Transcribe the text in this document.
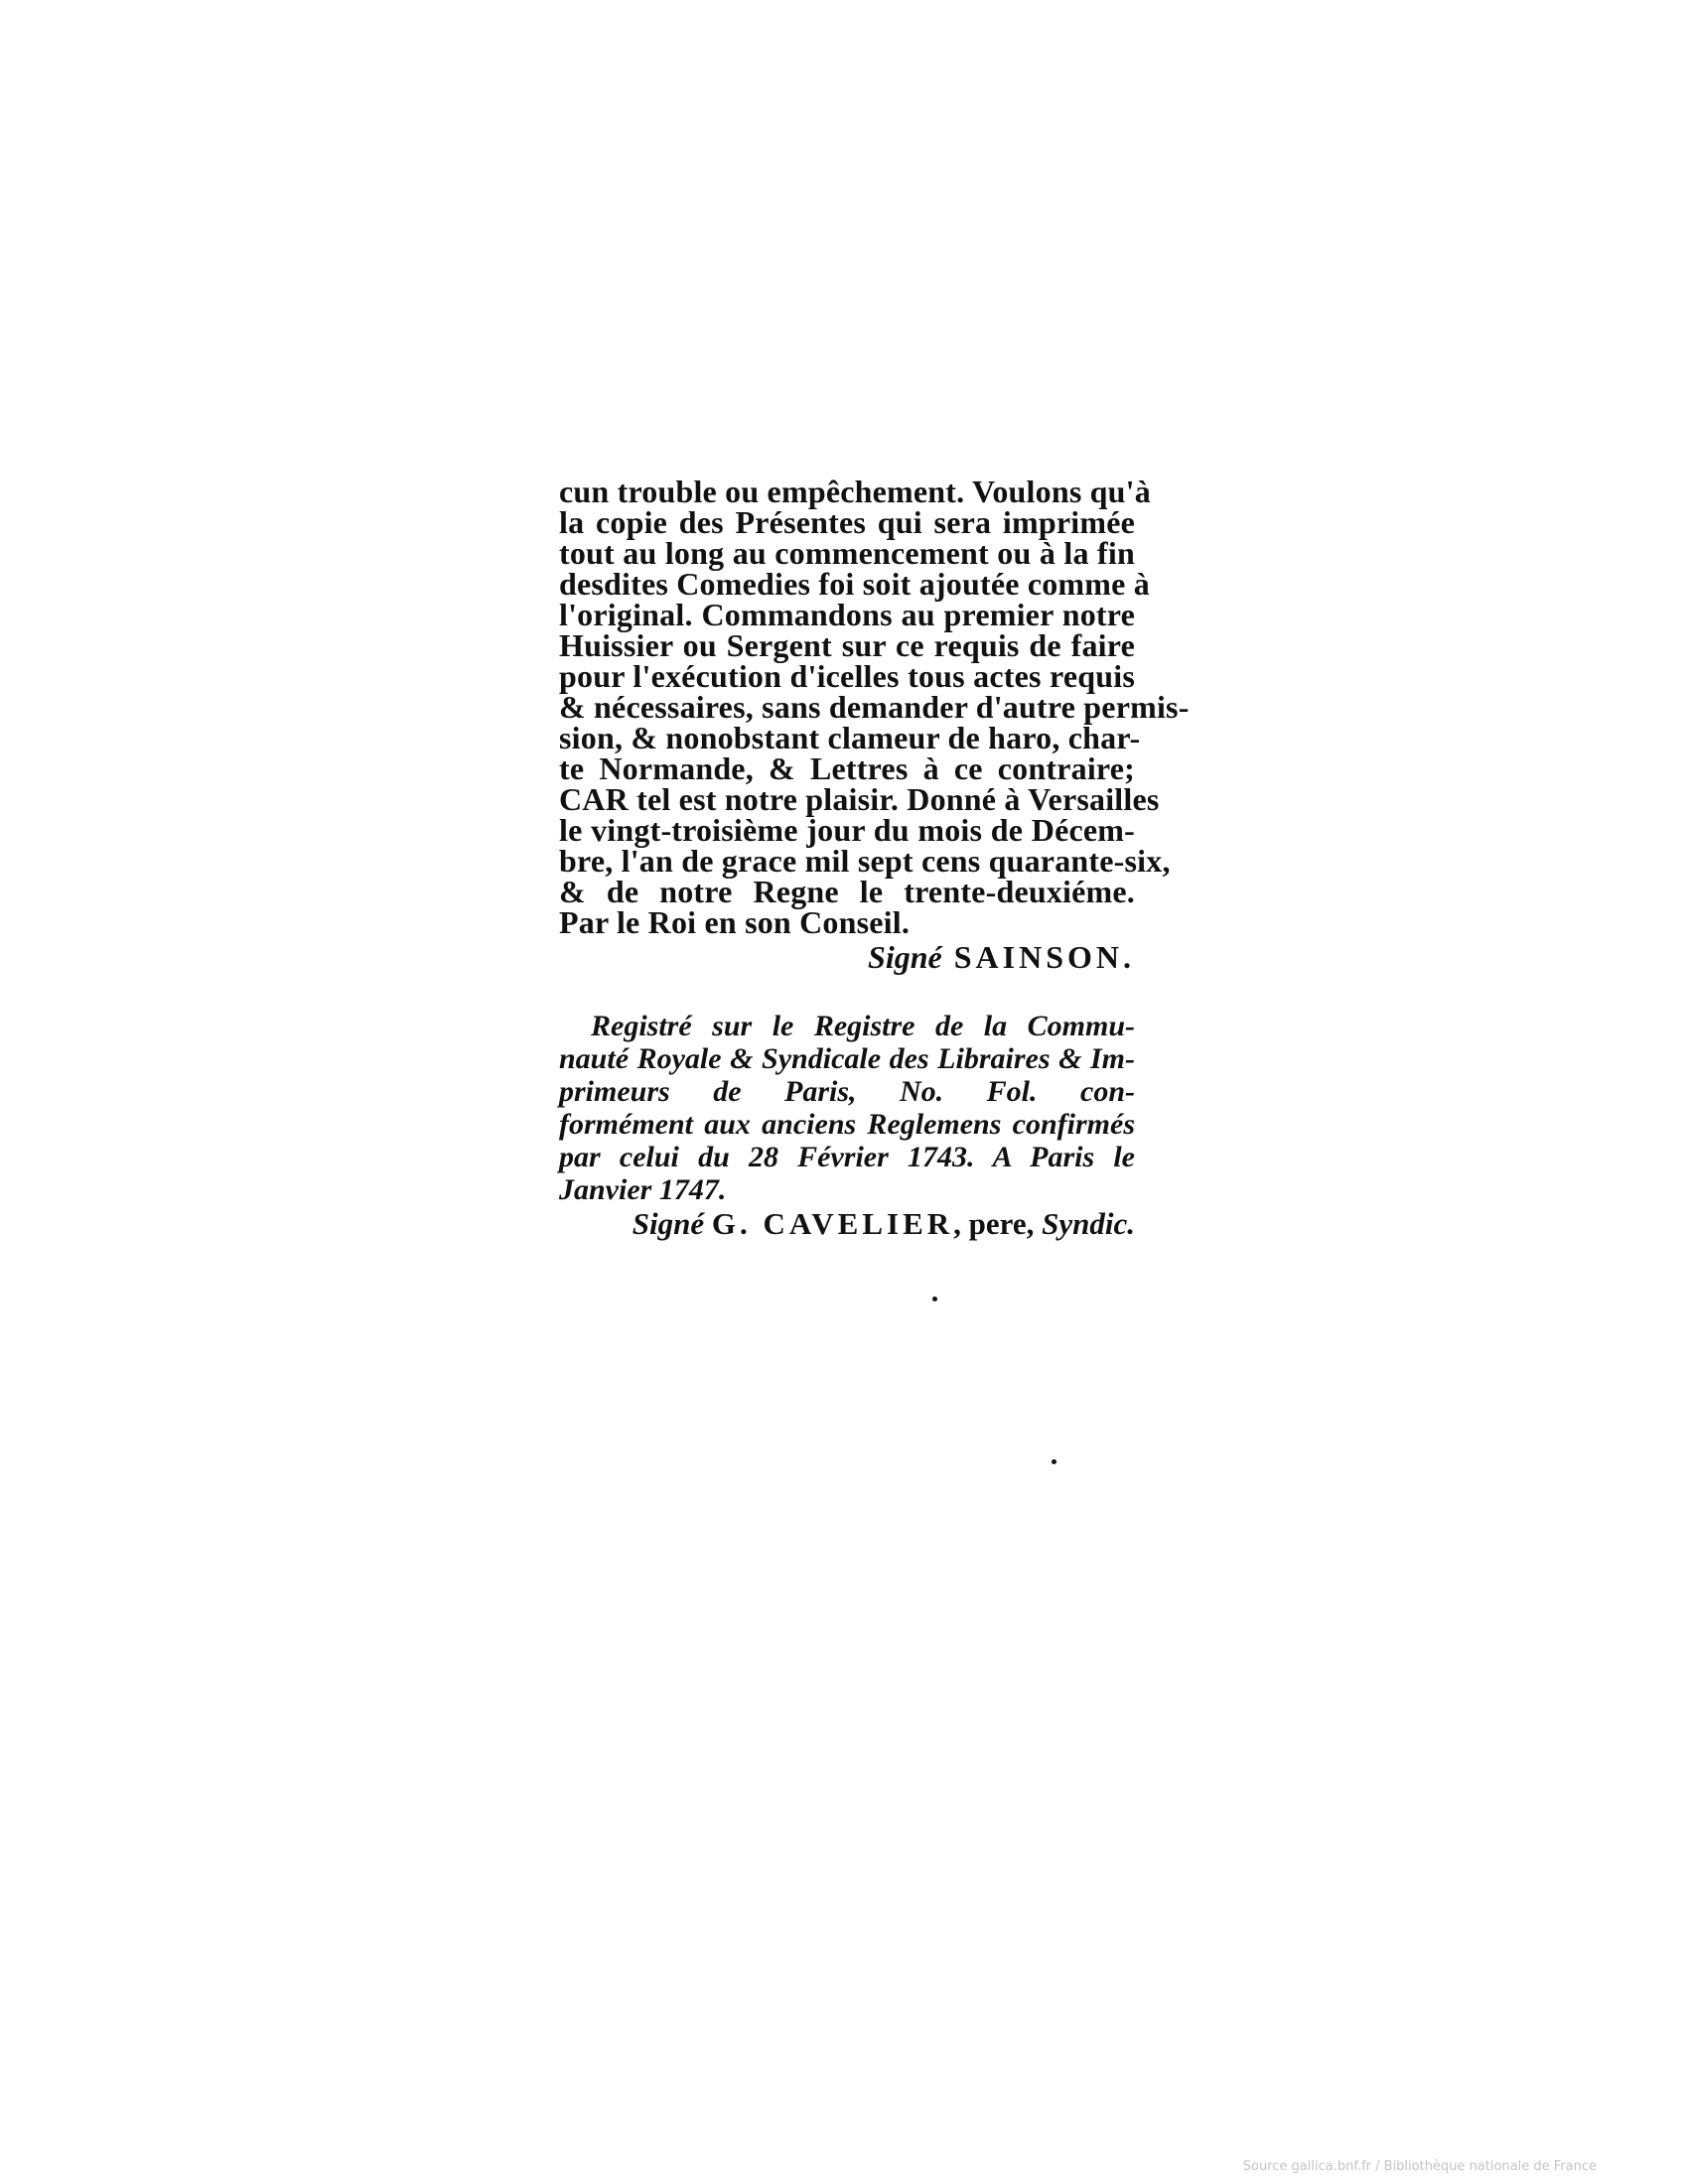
cun trouble ou empêchement. Voulons qu'à
la copie des Présentes qui sera imprimée
tout au long au commencement ou à la fin
desdites Comedies foi soit ajoutée comme à
l'original. Commandons au premier notre
Huissier ou Sergent sur ce requis de faire
pour l'exécution d'icelles tous actes requis
& nécessaires, sans demander d'autre permis-
sion, & nonobstant clameur de haro, char-
te Normande, & Lettres à ce contraire;
CAR tel est notre plaisir. Donné à Versailles
le vingt-troisième jour du mois de Décem-
bre, l'an de grace mil sept cens quarante-six,
& de notre Regne le trente-deuxiéme.
Par le Roi en son Conseil.
Signé SAINSON.
Registré sur le Registre de la Commu-
nauté Royale & Syndicale des Libraires & Im-
primeurs de Paris, No. Fol. con-
formément aux anciens Reglemens confirmés
par celui du 28 Février 1743. A Paris le
Janvier 1747.
Signé G. CAVELIER, pere, Syndic.
Source gallica.bnf.fr / Bibliothèque nationale de France
